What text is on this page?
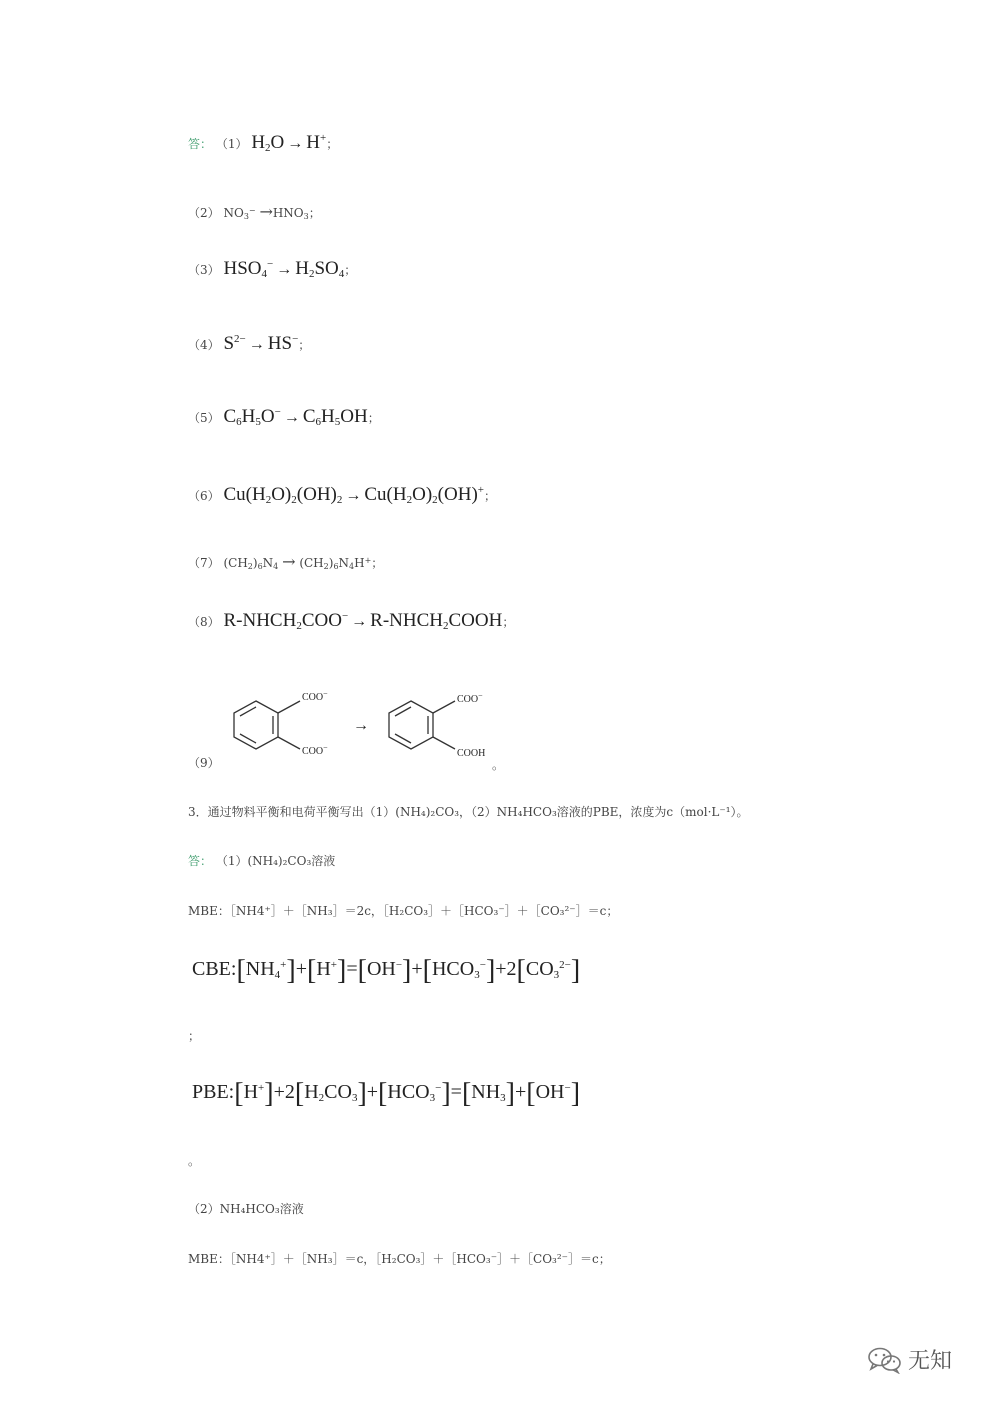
答： （1） $H_2O \to H^+$；
（2） $NO_3^- \to HNO_3$；
（3） $HSO_4^- \to H_2SO_4$；
（4） $S^{2-} \to HS^-$；
（5） $C_6H_5O^- \to C_6H_5OH$；
（6） $Cu(H_2O)_2(OH)_2 \to Cu(H_2O)_2(OH)^+$；
（7） $(CH_2)_6N_4 \to (CH_2)_6N_4H^+$；
（8） $R-NHCH_2COO^-$ → $R-NHCH_2COOH$；
（9）
COO−
COO−
COO−
COOH
→
。
3．通过物料平衡和电荷平衡写出（1）(NH₄)₂CO₃，（2）NH₄HCO₃溶液的PBE，浓度为c（mol·L⁻¹）。
答： （1）(NH₄)₂CO₃溶液
MBE：［NH4⁺］＋［NH₃］＝2c，［H₂CO₃］＋［HCO₃⁻］＋［CO₃²⁻］＝c；
$CBE:[NH_4^+]+[H^+]=[OH^-]+[HCO_3^-]+2[CO_3^{2-}]$
；
$PBE:[H^+]+2[H_2CO_3]+[HCO_3^-]=[NH_3]+[OH^-]$
。
（2）NH₄HCO₃溶液
MBE：［NH4⁺］＋［NH₃］＝c，［H₂CO₃］＋［HCO₃⁻］＋［CO₃²⁻］＝c；
无知
